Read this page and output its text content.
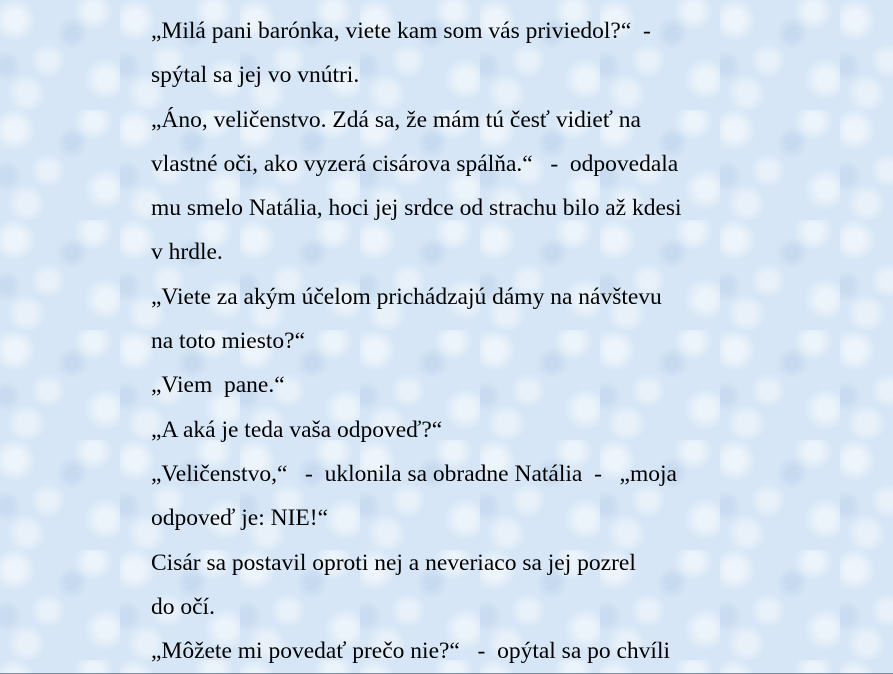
„Milá pani barónka, viete kam som vás priviedol?“  -
spýtal sa jej vo vnútri.
„Áno, veličenstvo. Zdá sa, že mám tú česť vidieť na
vlastné oči, ako vyzerá cisárova spálňa.“   -  odpovedala
mu smelo Natália, hoci jej srdce od strachu bilo až kdesi
v hrdle.
„Viete za akým účelom prichádzajú dámy na návštevu
na toto miesto?“
„Viem  pane.“
„A aká je teda vaša odpoveď?“
„Veličenstvo,“   -  uklonila sa obradne Natália  -   „moja
odpoveď je: NIE!“
Cisár sa postavil oproti nej a neveriaco sa jej pozrel
do očí.
„Môžete mi povedať prečo nie?“   -  opýtal sa po chvíli
